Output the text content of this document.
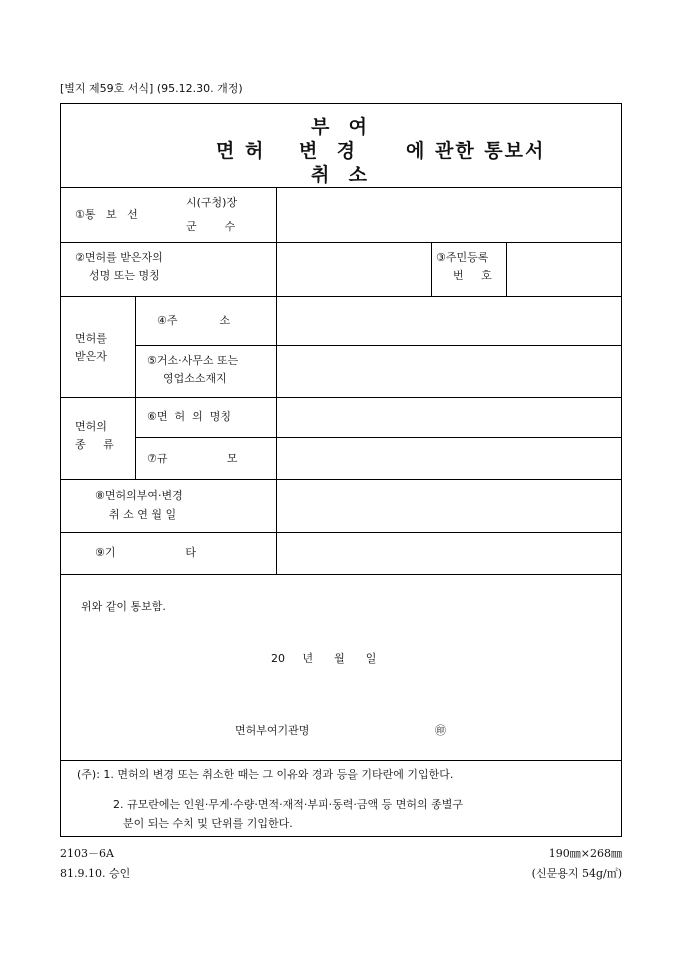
[별지 제59호 서식] (95.12.30. 개정)
부  여
면 허 변  경	에 관한 통보서
취  소
①통   보   선
시(구청)장
군        수
②면허를 받은자의
성명 또는 명칭
③주민등록
번     호
면허를
받은자
④주            소
⑤거소·사무소 또는
영업소소재지
면허의
종     류
⑥면  허  의  명칭
⑦규                 모
⑧면허의부여·변경
취 소 연 월 일
⑨기                    타
위와 같이 통보함.
20     년      월      일
면허부여기관명	㊞
(주): 1. 면허의 변경 또는 취소한 때는 그 이유와 경과 등을 기타란에 기입한다.
2. 규모란에는 인원·무게·수량·면적·재적·부피·동력·금액 등 면허의 종별구
분이 되는 수치 및 단위를 기입한다.
2103－6A
81.9.10. 승인
190㎜×268㎜
(신문용지 54g/㎡)
